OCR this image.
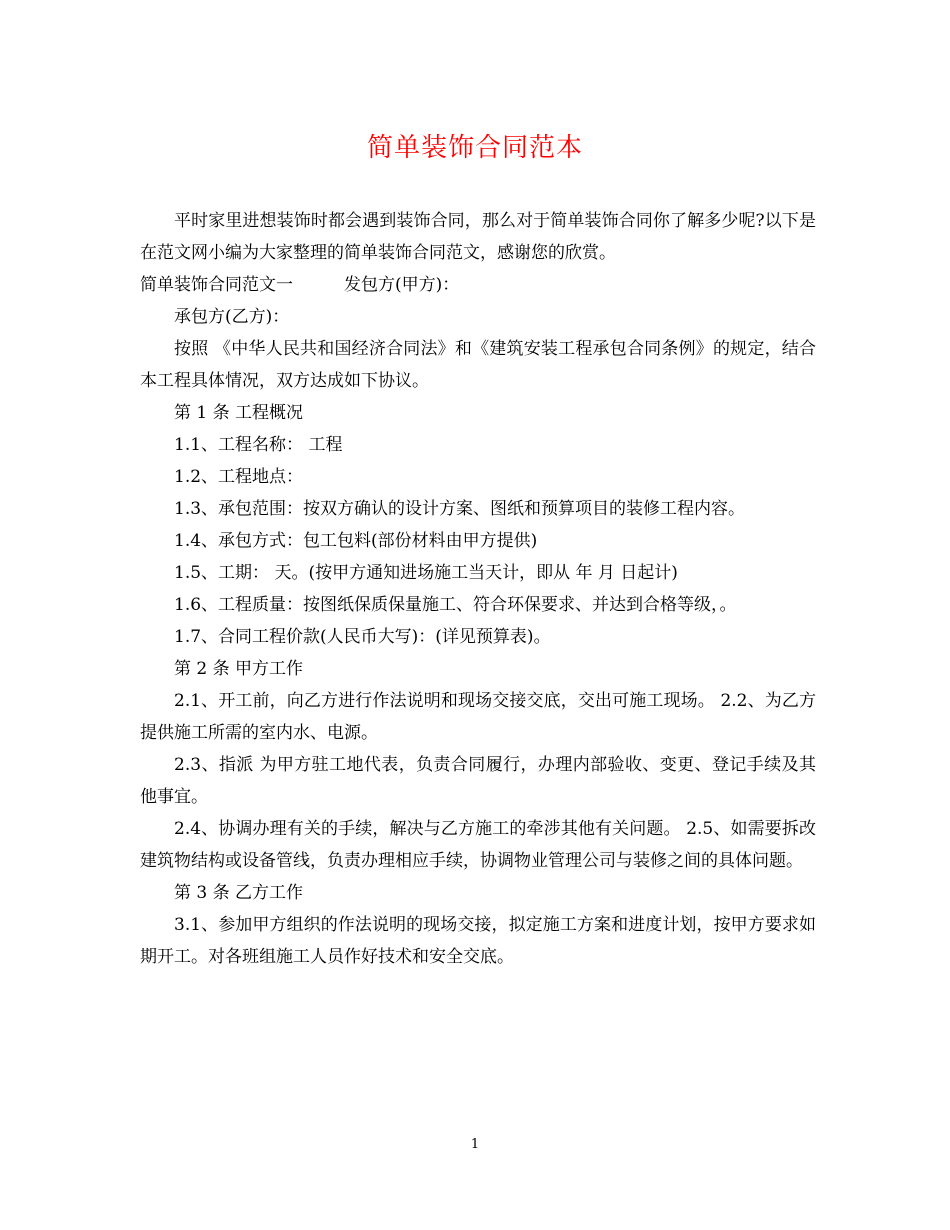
简单装饰合同范本

平时家里进想装饰时都会遇到装饰合同，那么对于简单装饰合同你了解多少呢?以下是在范文网小编为大家整理的简单装饰合同范文，感谢您的欣赏。

简单装饰合同范文一　　　发包方(甲方)：

承包方(乙方)：

按照 《中华人民共和国经济合同法》和《建筑安装工程承包合同条例》的规定，结合本工程具体情况，双方达成如下协议。

第 1 条 工程概况

1.1、工程名称： 工程

1.2、工程地点：

1.3、承包范围：按双方确认的设计方案、图纸和预算项目的装修工程内容。

1.4、承包方式：包工包料(部份材料由甲方提供)

1.5、工期： 天。(按甲方通知进场施工当天计，即从 年 月 日起计)

1.6、工程质量：按图纸保质保量施工、符合环保要求、并达到合格等级，。

1.7、合同工程价款(人民币大写)：(详见预算表)。

第 2 条 甲方工作

2.1、开工前，向乙方进行作法说明和现场交接交底，交出可施工现场。 2.2、为乙方提供施工所需的室内水、电源。

2.3、指派 为甲方驻工地代表，负责合同履行，办理内部验收、变更、登记手续及其他事宜。

2.4、协调办理有关的手续，解决与乙方施工的牵涉其他有关问题。 2.5、如需要拆改建筑物结构或设备管线，负责办理相应手续，协调物业管理公司与装修之间的具体问题。

第 3 条 乙方工作

3.1、参加甲方组织的作法说明的现场交接，拟定施工方案和进度计划，按甲方要求如期开工。对各班组施工人员作好技术和安全交底。

1
